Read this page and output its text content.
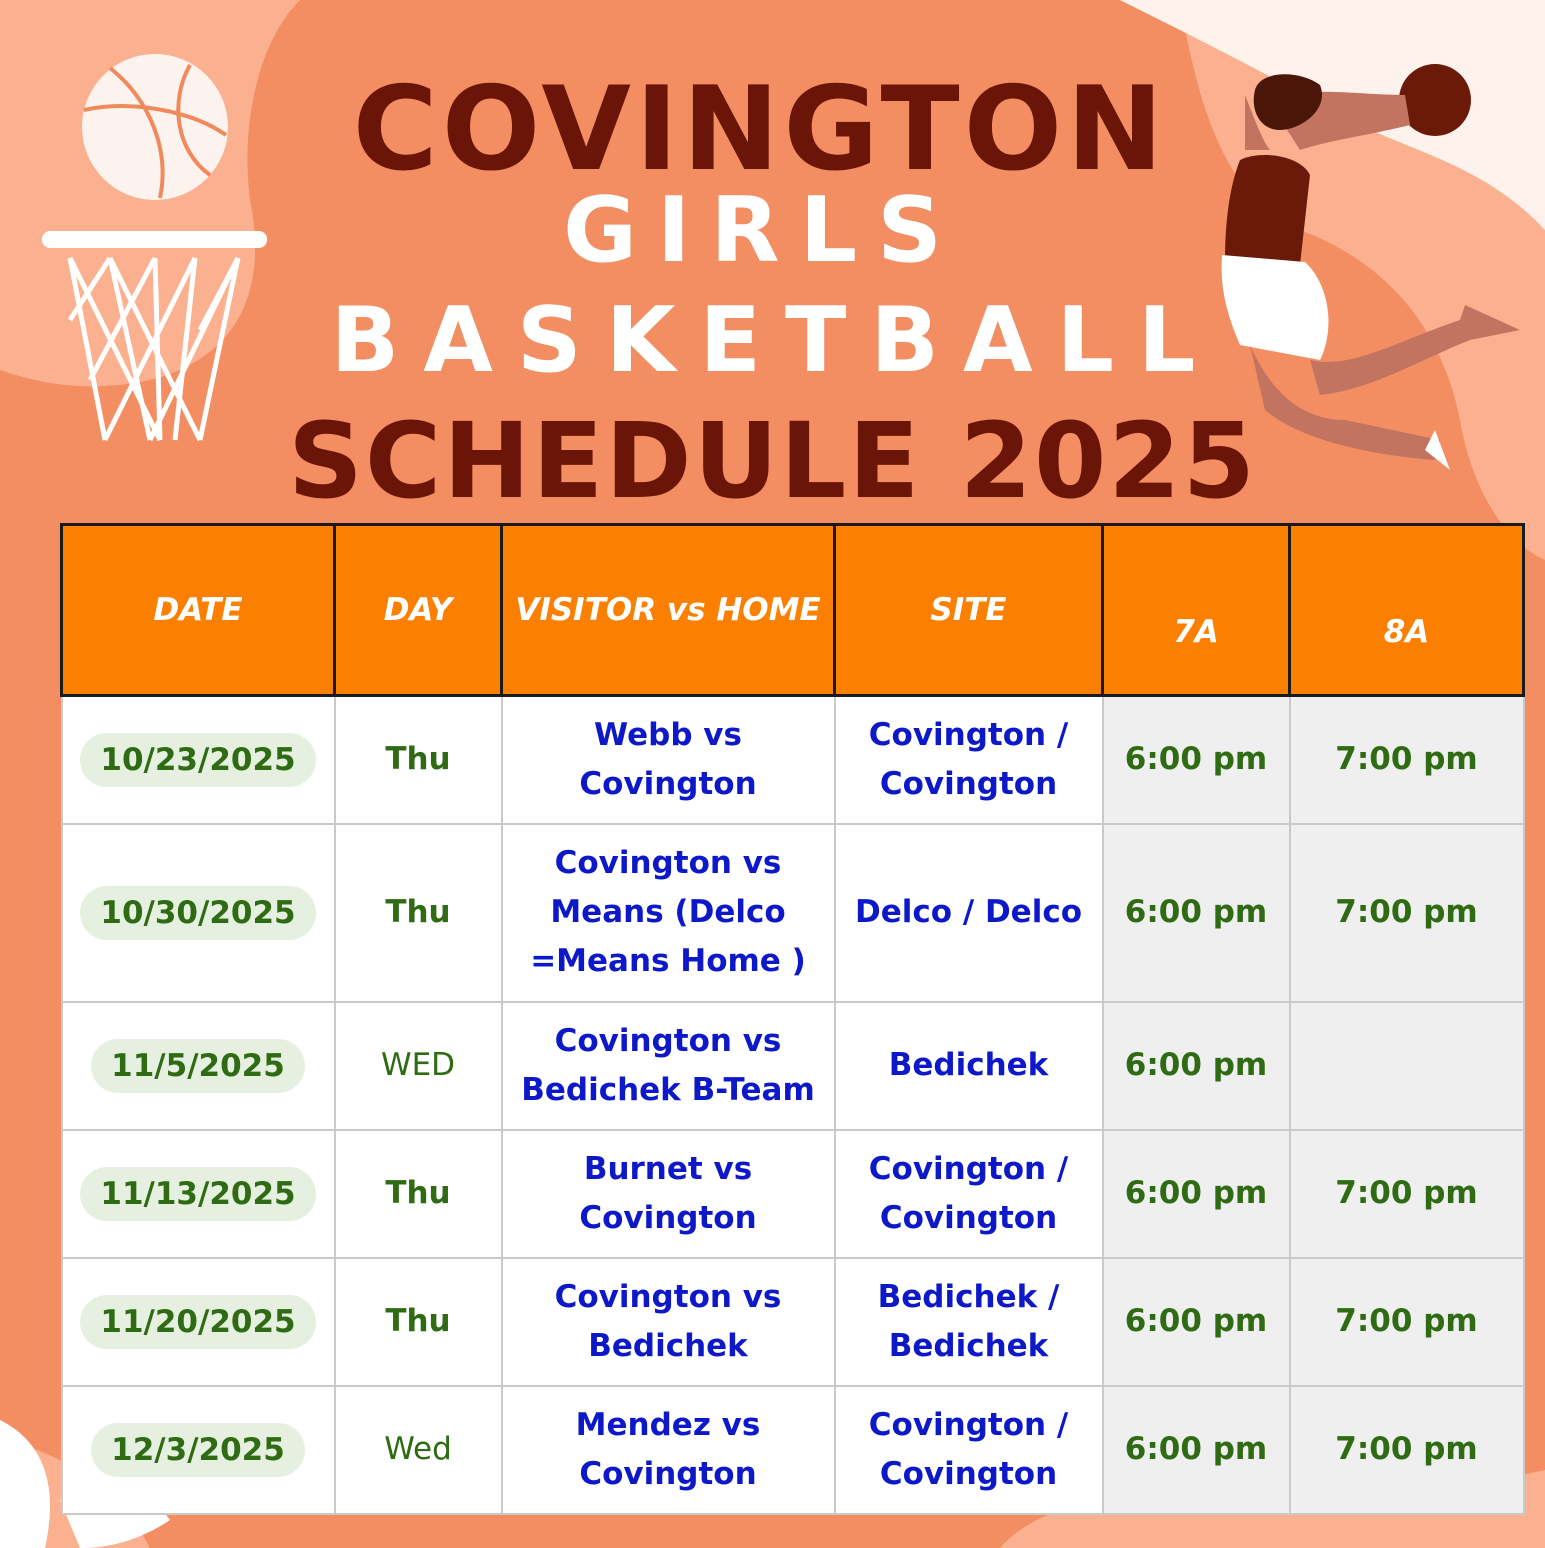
COVINGTON
GIRLS
BASKETBALL
SCHEDULE 2025
DATE	DAY	VISITOR vs HOME	SITE	7A	8A
10/23/2025	Thu	Webb vs Covington	Covington / Covington	6:00 pm	7:00 pm
10/30/2025	Thu	Covington vs Means (Delco =Means Home )	Delco / Delco	6:00 pm	7:00 pm
11/5/2025	WED	Covington vs Bedichek B-Team	Bedichek	6:00 pm	
11/13/2025	Thu	Burnet vs Covington	Covington / Covington	6:00 pm	7:00 pm
11/20/2025	Thu	Covington vs Bedichek	Bedichek / Bedichek	6:00 pm	7:00 pm
12/3/2025	Wed	Mendez vs Covington	Covington / Covington	6:00 pm	7:00 pm
